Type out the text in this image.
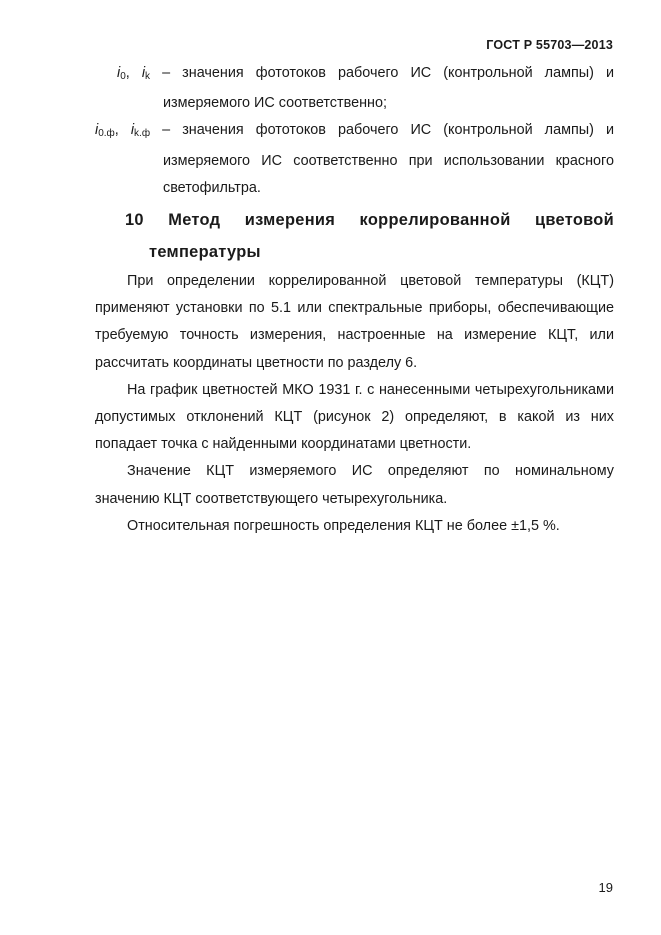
ГОСТ Р 55703—2013
$i_0$, $i_k$ – значения фототоков рабочего ИС (контрольной лампы) и измеряемого ИС соответственно;
$i_{0.ф}$, $i_{k.ф}$ – значения фототоков рабочего ИС (контрольной лампы) и измеряемого ИС соответственно при использовании красного светофильтра.
10 Метод измерения коррелированной цветовой температуры

При определении коррелированной цветовой температуры (КЦТ) применяют установки по 5.1 или спектральные приборы, обеспечивающие требуемую точность измерения, настроенные на измерение КЦТ, или рассчитать координаты цветности по разделу 6.

На график цветностей МКО 1931 г. с нанесенными четырехугольниками допустимых отклонений КЦТ (рисунок 2) определяют, в какой из них попадает точка с найденными координатами цветности.

Значение КЦТ измеряемого ИС определяют по номинальному значению КЦТ соответствующего четырехугольника.

Относительная погрешность определения КЦТ не более ±1,5 %.

19
